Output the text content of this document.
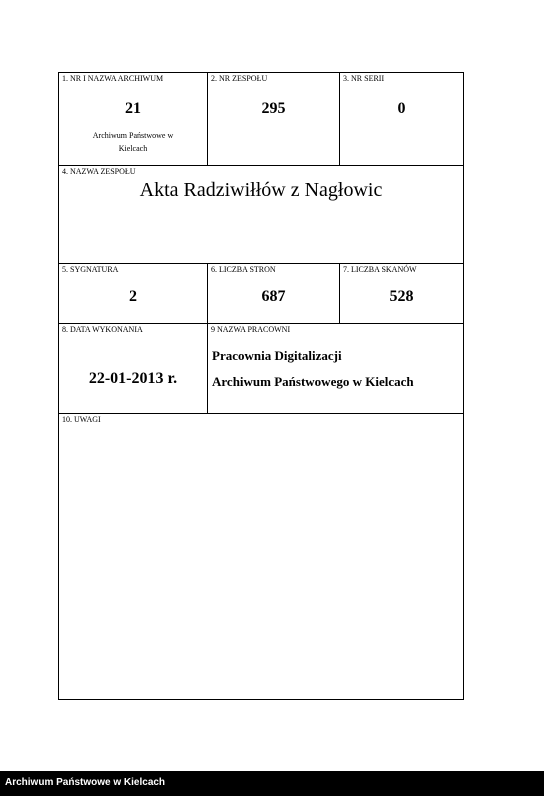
1. NR I NAZWA ARCHIWUM
21
Archiwum Państwowe w
Kielcach
2. NR ZESPOŁU
295
3. NR SERII
0
4. NAZWA ZESPOŁU
Akta Radziwiłłów z Nagłowic
5. SYGNATURA
2
6. LICZBA STRON
687
7. LICZBA SKANÓW
528
8. DATA WYKONANIA
22-01-2013 r.
9 NAZWA PRACOWNI
Pracownia Digitalizacji
Archiwum Państwowego w Kielcach
10. UWAGI
Archiwum Państwowe w Kielcach
